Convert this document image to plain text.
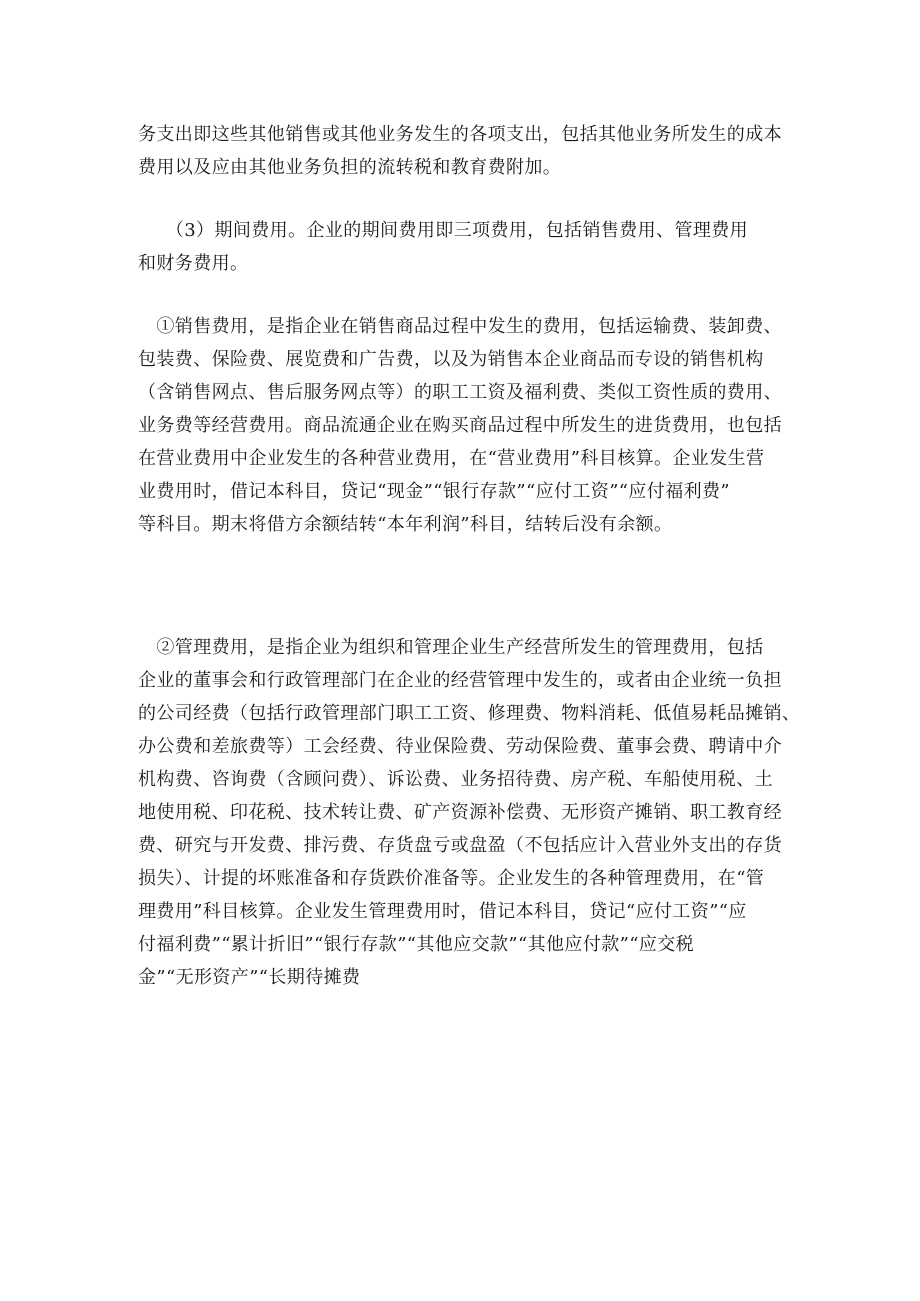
务支出即这些其他销售或其他业务发生的各项支出，包括其他业务所发生的成本
费用以及应由其他业务负担的流转税和教育费附加。
　　（3）期间费用。企业的期间费用即三项费用，包括销售费用、管理费用
和财务费用。
　①销售费用，是指企业在销售商品过程中发生的费用，包括运输费、装卸费、
包装费、保险费、展览费和广告费，以及为销售本企业商品而专设的销售机构
（含销售网点、售后服务网点等）的职工工资及福利费、类似工资性质的费用、
业务费等经营费用。商品流通企业在购买商品过程中所发生的进货费用，也包括
在营业费用中企业发生的各种营业费用，在“营业费用”科目核算。企业发生营
业费用时，借记本科目，贷记“现金”“银行存款”“应付工资”“应付福利费”
等科目。期末将借方余额结转“本年利润”科目，结转后没有余额。
　②管理费用，是指企业为组织和管理企业生产经营所发生的管理费用，包括
企业的董事会和行政管理部门在企业的经营管理中发生的，或者由企业统一负担
的公司经费（包括行政管理部门职工工资、修理费、物料消耗、低值易耗品摊销、
办公费和差旅费等）工会经费、待业保险费、劳动保险费、董事会费、聘请中介
机构费、咨询费（含顾问费）、诉讼费、业务招待费、房产税、车船使用税、土
地使用税、印花税、技术转让费、矿产资源补偿费、无形资产摊销、职工教育经
费、研究与开发费、排污费、存货盘亏或盘盈（不包括应计入营业外支出的存货
损失）、计提的坏账准备和存货跌价准备等。企业发生的各种管理费用，在“管
理费用”科目核算。企业发生管理费用时，借记本科目，贷记“应付工资”“应
付福利费”“累计折旧”“银行存款”“其他应交款”“其他应付款”“应交税
金”“无形资产”“长期待摊费
